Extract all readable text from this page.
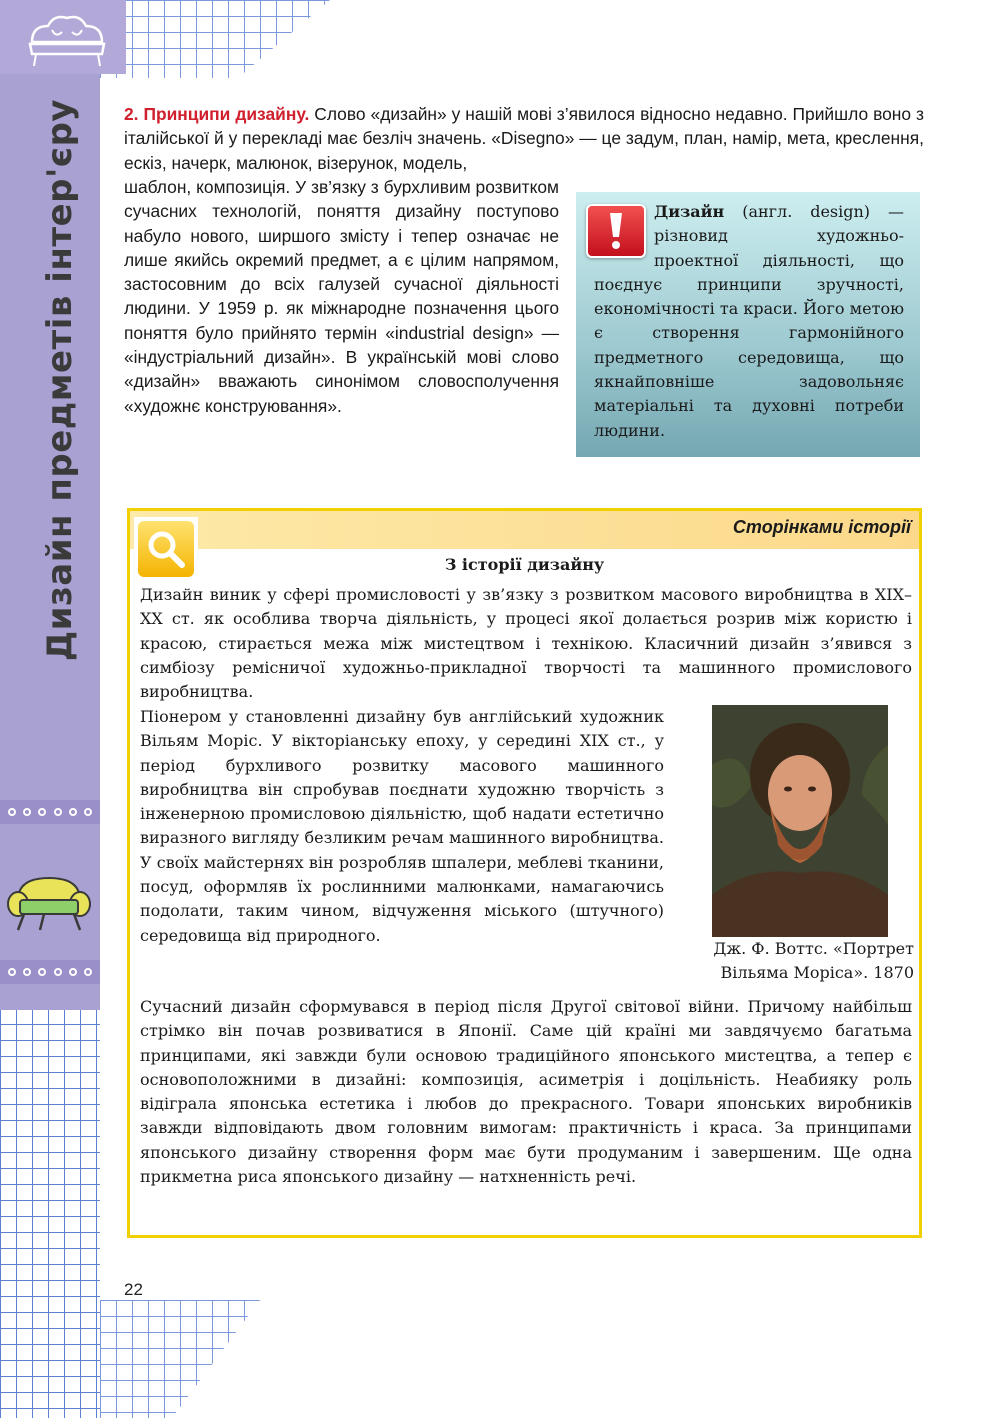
Дизайн предметів інтер'єру	2. Принципи дизайну. Слово «дизайн» у нашій мові з’явилося відносно недавно. Прийшло воно з італійської й у перекладі має безліч значень. «Disegno» — це задум, план, намір, мета, креслення, ескіз, начерк, малюнок, візерунок, модель,

шаблон, композиція. У зв’язку з бурхливим розвитком сучасних технологій, поняття дизайну поступово набуло нового, ширшого змісту і тепер означає не лише якийсь окремий предмет, а є цілим напрямом, застосовним до всіх галузей сучасної діяльності людини. У 1959 р. як міжнародне позначення цього поняття було прийнято термін «industrial design» — «індустріальний дизайн». В українській мові слово «дизайн» вважають синонімом словосполучення «художнє конструювання».

Дизайн (англ. design) — різновид художньо-проектної діяльності, що поєднує принципи зручності, економічності та краси. Його метою є створення гармонійного предметного середовища, що якнайповніше задовольняє матеріальні та духовні потреби людини.

Сторінками історії
З історії дизайну

Дизайн виник у сфері промисловості у зв’язку з розвитком масового виробництва в XIX–XX ст. як особлива творча діяльність, у процесі якої долається розрив між користю і красою, стирається межа між мистецтвом і технікою. Класичний дизайн з’явився з симбіозу ремісничої художньо-прикладної творчості та машинного промислового виробництва.

Піонером у становленні дизайну був англійський художник Вільям Моріс. У вікторіанську епоху, у середині XIX ст., у період бурхливого розвитку масового машинного виробництва він спробував поєднати художню творчість з інженерною промисловою діяльністю, щоб надати естетично виразного вигляду безликим речам машинного виробництва. У своїх майстернях він розробляв шпалери, меблеві тканини, посуд, оформляв їх рослинними малюнками, намагаючись подолати, таким чином, відчуження міського (штучного) середовища від природного.

Дж. Ф. Воттс. «Портрет
Вільяма Моріса». 1870

Сучасний дизайн сформувався в період після Другої світової війни. Причому найбільш стрімко він почав розвиватися в Японії. Саме цій країні ми завдячуємо багатьма принципами, які завжди були основою традиційного японського мистецтва, а тепер є основоположними в дизайні: композиція, асиметрія і доцільність. Неабияку роль відіграла японська естетика і любов до прекрасного. Товари японських виробників завжди відповідають двом головним вимогам: практичність і краса. За принципами японського дизайну створення форм має бути продуманим і завершеним. Ще одна прикметна риса японського дизайну — натхненність речі.

22
